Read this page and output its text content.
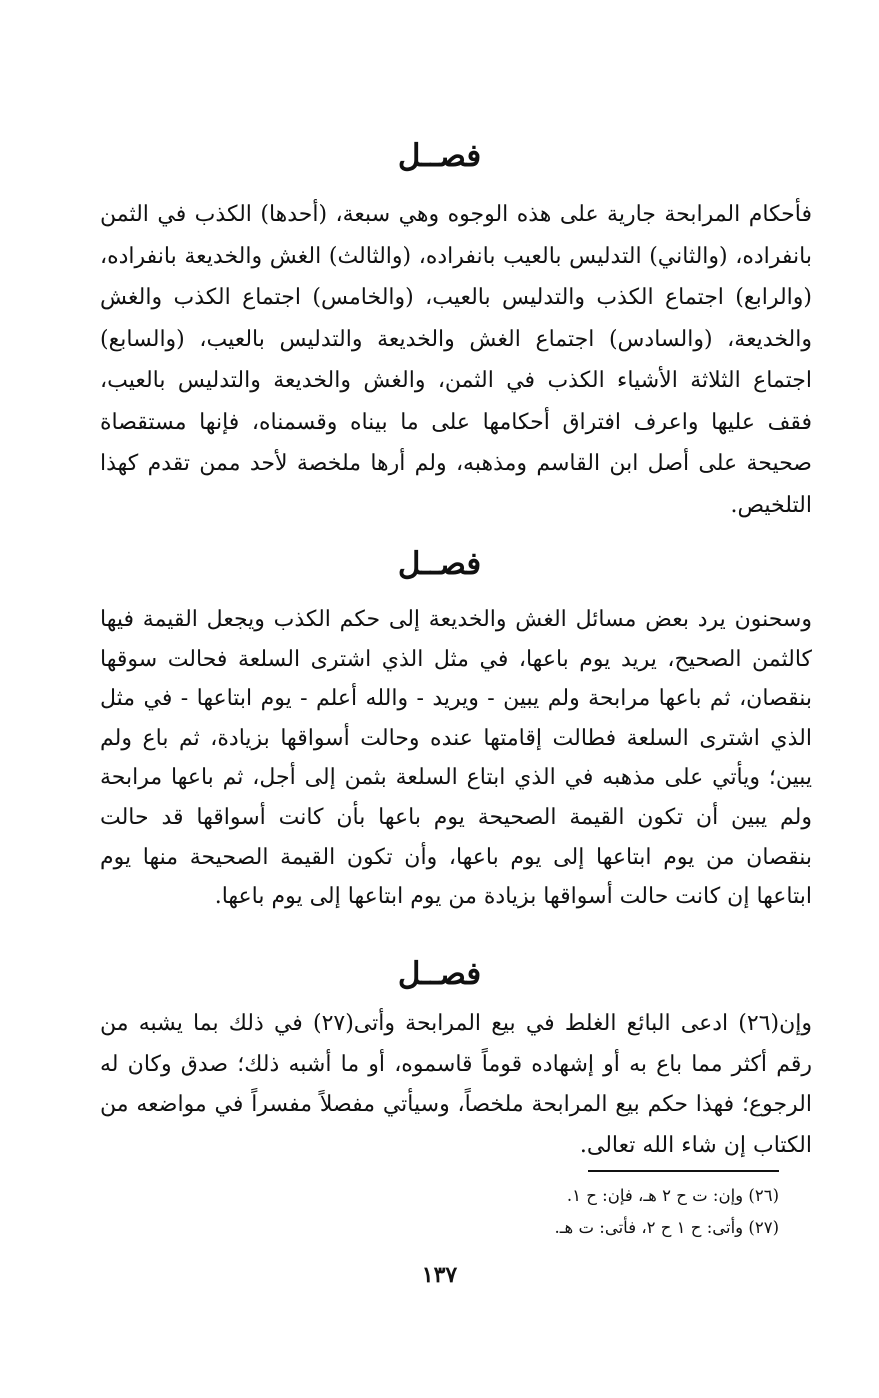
فصــل
فأحكام المرابحة جارية على هذه الوجوه وهي سبعة، (أحدها) الكذب في الثمن بانفراده، (والثاني) التدليس بالعيب بانفراده، (والثالث) الغش والخديعة بانفراده، (والرابع) اجتماع الكذب والتدليس بالعيب، (والخامس) اجتماع الكذب والغش والخديعة، (والسادس) اجتماع الغش والخديعة والتدليس بالعيب، (والسابع) اجتماع الثلاثة الأشياء الكذب في الثمن، والغش والخديعة والتدليس بالعيب، فقف عليها واعرف افتراق أحكامها على ما بيناه وقسمناه، فإنها مستقصاة صحيحة على أصل ابن القاسم ومذهبه، ولم أرها ملخصة لأحد ممن تقدم كهذا التلخيص.
فصــل
وسحنون يرد بعض مسائل الغش والخديعة إلى حكم الكذب ويجعل القيمة فيها كالثمن الصحيح، يريد يوم باعها، في مثل الذي اشترى السلعة فحالت سوقها بنقصان، ثم باعها مرابحة ولم يبين - ويريد - والله أعلم - يوم ابتاعها - في مثل الذي اشترى السلعة فطالت إقامتها عنده وحالت أسواقها بزيادة، ثم باع ولم يبين؛ ويأتي على مذهبه في الذي ابتاع السلعة بثمن إلى أجل، ثم باعها مرابحة ولم يبين أن تكون القيمة الصحيحة يوم باعها بأن كانت أسواقها قد حالت بنقصان من يوم ابتاعها إلى يوم باعها، وأن تكون القيمة الصحيحة منها يوم ابتاعها إن كانت حالت أسواقها بزيادة من يوم ابتاعها إلى يوم باعها.
فصــل
وإن(٢٦) ادعى البائع الغلط في بيع المرابحة وأتى(٢٧) في ذلك بما يشبه من رقم أكثر مما باع به أو إشهاده قوماً قاسموه، أو ما أشبه ذلك؛ صدق وكان له الرجوع؛ فهذا حكم بيع المرابحة ملخصاً، وسيأتي مفصلاً مفسراً في مواضعه من الكتاب إن شاء الله تعالى.
(٢٦) وإن: ت ح ٢ هـ، فإن: ح ١.
(٢٧) وأتى: ح ١ ح ٢، فأتى: ت هـ.
١٣٧
